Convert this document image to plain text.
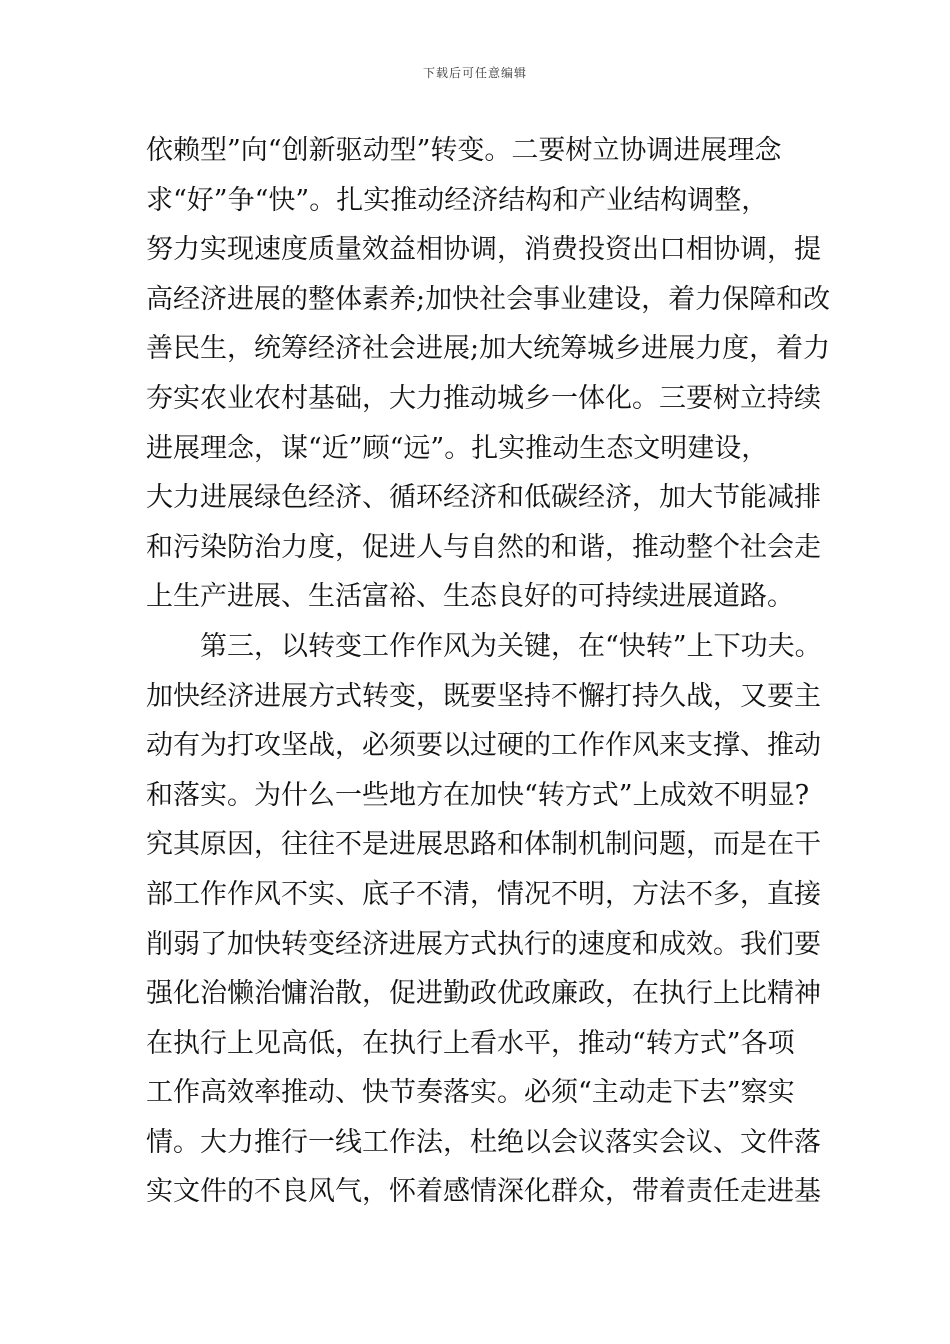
下载后可任意编辑
依赖型”向“创新驱动型”转变。二要树立协调进展理念
求“好”争“快”。扎实推动经济结构和产业结构调整，
努力实现速度质量效益相协调，消费投资出口相协调，提
高经济进展的整体素养;加快社会事业建设，着力保障和改
善民生，统筹经济社会进展;加大统筹城乡进展力度，着力
夯实农业农村基础，大力推动城乡一体化。三要树立持续
进展理念，谋“近”顾“远”。扎实推动生态文明建设，
大力进展绿色经济、循环经济和低碳经济，加大节能减排
和污染防治力度，促进人与自然的和谐，推动整个社会走
上生产进展、生活富裕、生态良好的可持续进展道路。
　　第三，以转变工作作风为关键，在“快转”上下功夫。
加快经济进展方式转变，既要坚持不懈打持久战，又要主
动有为打攻坚战，必须要以过硬的工作作风来支撑、推动
和落实。为什么一些地方在加快“转方式”上成效不明显?
究其原因，往往不是进展思路和体制机制问题，而是在干
部工作作风不实、底子不清，情况不明，方法不多，直接
削弱了加快转变经济进展方式执行的速度和成效。我们要
强化治懒治慵治散，促进勤政优政廉政，在执行上比精神
在执行上见高低，在执行上看水平，推动“转方式”各项
工作高效率推动、快节奏落实。必须“主动走下去”察实
情。大力推行一线工作法，杜绝以会议落实会议、文件落
实文件的不良风气，怀着感情深化群众，带着责任走进基
